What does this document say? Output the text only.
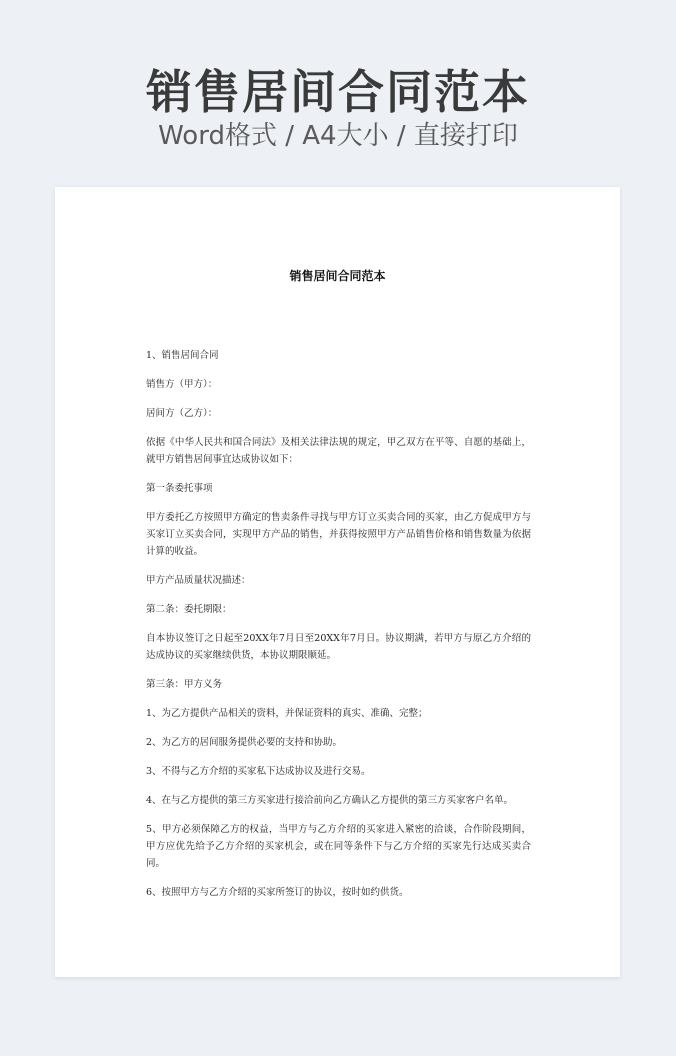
销售居间合同范本
Word格式 / A4大小 / 直接打印
销售居间合同范本

1、销售居间合同

销售方（甲方）：

居间方（乙方）：

依据《中华人民共和国合同法》及相关法律法规的规定，甲乙双方在平等、自愿的基础上，就甲方销售居间事宜达成协议如下：

第一条委托事项

甲方委托乙方按照甲方确定的售卖条件寻找与甲方订立买卖合同的买家，由乙方促成甲方与买家订立买卖合同，实现甲方产品的销售，并获得按照甲方产品销售价格和销售数量为依据计算的收益。

甲方产品质量状况描述：

第二条：委托期限：

自本协议签订之日起至20XX年7月日至20XX年7月日。协议期满，若甲方与原乙方介绍的达成协议的买家继续供货，本协议期限顺延。

第三条：甲方义务

1、为乙方提供产品相关的资料，并保证资料的真实、准确、完整；

2、为乙方的居间服务提供必要的支持和协助。

3、不得与乙方介绍的买家私下达成协议及进行交易。

4、在与乙方提供的第三方买家进行接洽前向乙方确认乙方提供的第三方买家客户名单。

5、甲方必须保障乙方的权益，当甲方与乙方介绍的买家进入紧密的洽谈，合作阶段期间，甲方应优先给予乙方介绍的买家机会，或在同等条件下与乙方介绍的买家先行达成买卖合同。

6、按照甲方与乙方介绍的买家所签订的协议，按时如约供货。
